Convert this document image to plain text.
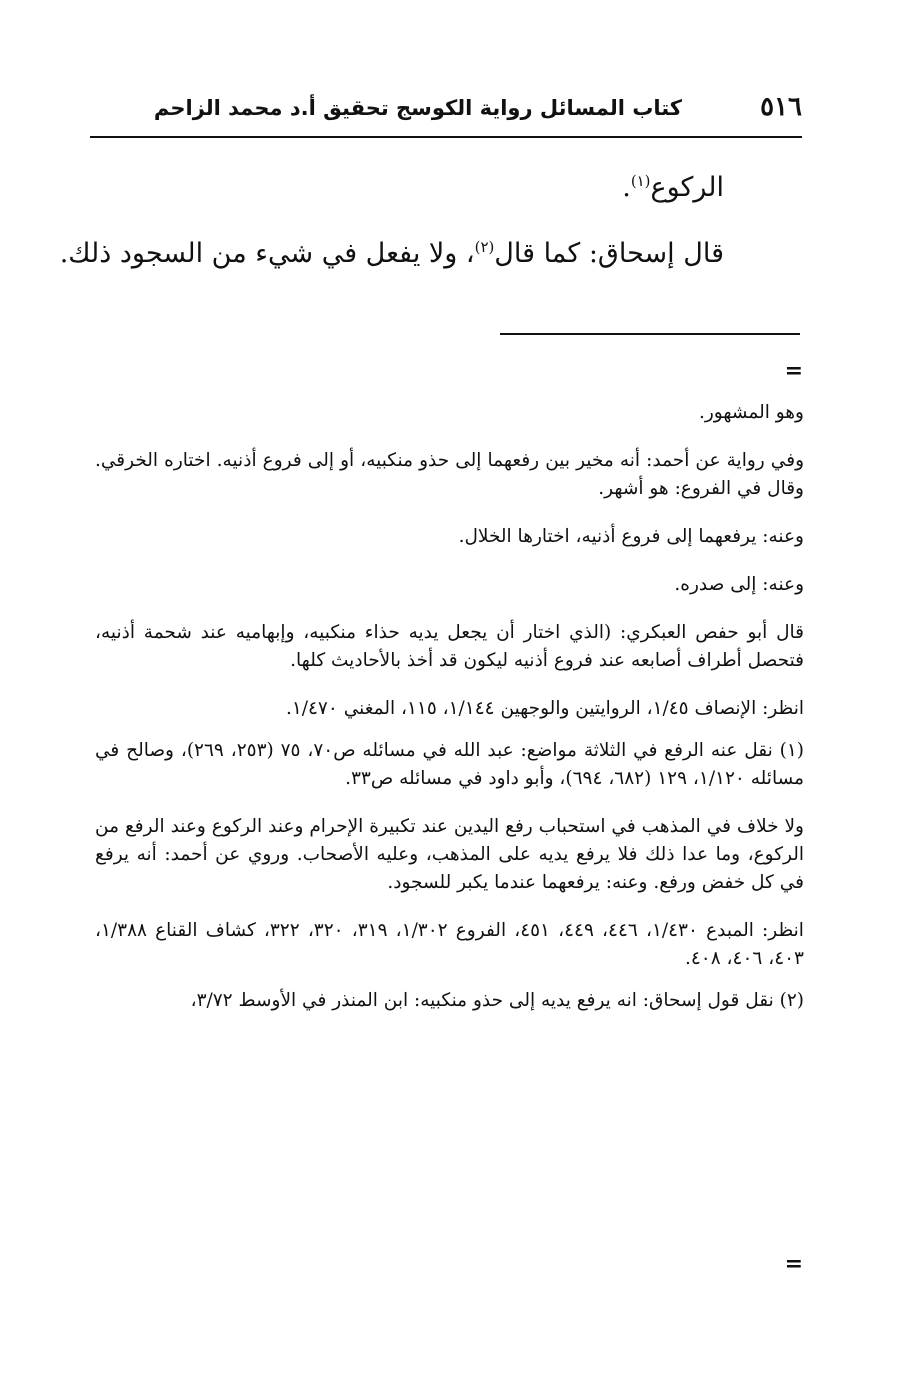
٥١٦
كتاب المسائل رواية الكوسج تحقيق أ.د محمد الزاحم

الركوع$^{(١)}$.

قال إسحاق: كما قال$^{(٢)}$، ولا يفعل في شيء من السجود ذلك.

=

وهو المشهور.

وفي رواية عن أحمد: أنه مخير بين رفعهما إلى حذو منكبيه، أو إلى فروع أذنيه. اختاره الخرقي. وقال في الفروع: هو أشهر.

وعنه: يرفعهما إلى فروع أذنيه، اختارها الخلال.

وعنه: إلى صدره.

قال أبو حفص العبكري: (الذي اختار أن يجعل يديه حذاء منكبيه، وإبهاميه عند شحمة أذنيه، فتحصل أطراف أصابعه عند فروع أذنيه ليكون قد أخذ بالأحاديث كلها.

انظر: الإنصاف ١/٤٥، الروايتين والوجهين ١/١٤٤، ١١٥، المغني ١/٤٧٠.

(١) نقل عنه الرفع في الثلاثة مواضع: عبد الله في مسائله ص٧٠، ٧٥ (٢٥٣، ٢٦٩)، وصالح في مسائله ١/١٢٠، ١٢٩ (٦٨٢، ٦٩٤)، وأبو داود في مسائله ص٣٣.

ولا خلاف في المذهب في استحباب رفع اليدين عند تكبيرة الإحرام وعند الركوع وعند الرفع من الركوع، وما عدا ذلك فلا يرفع يديه على المذهب، وعليه الأصحاب. وروي عن أحمد: أنه يرفع في كل خفض ورفع. وعنه: يرفعهما عندما يكبر للسجود.

انظر: المبدع ١/٤٣٠، ٤٤٦، ٤٤٩، ٤٥١، الفروع ١/٣٠٢، ٣١٩، ٣٢٠، ٣٢٢، كشاف القناع ١/٣٨٨، ٤٠٣، ٤٠٦، ٤٠٨.

(٢) نقل قول إسحاق: انه يرفع يديه إلى حذو منكبيه: ابن المنذر في الأوسط ٣/٧٢،

=
